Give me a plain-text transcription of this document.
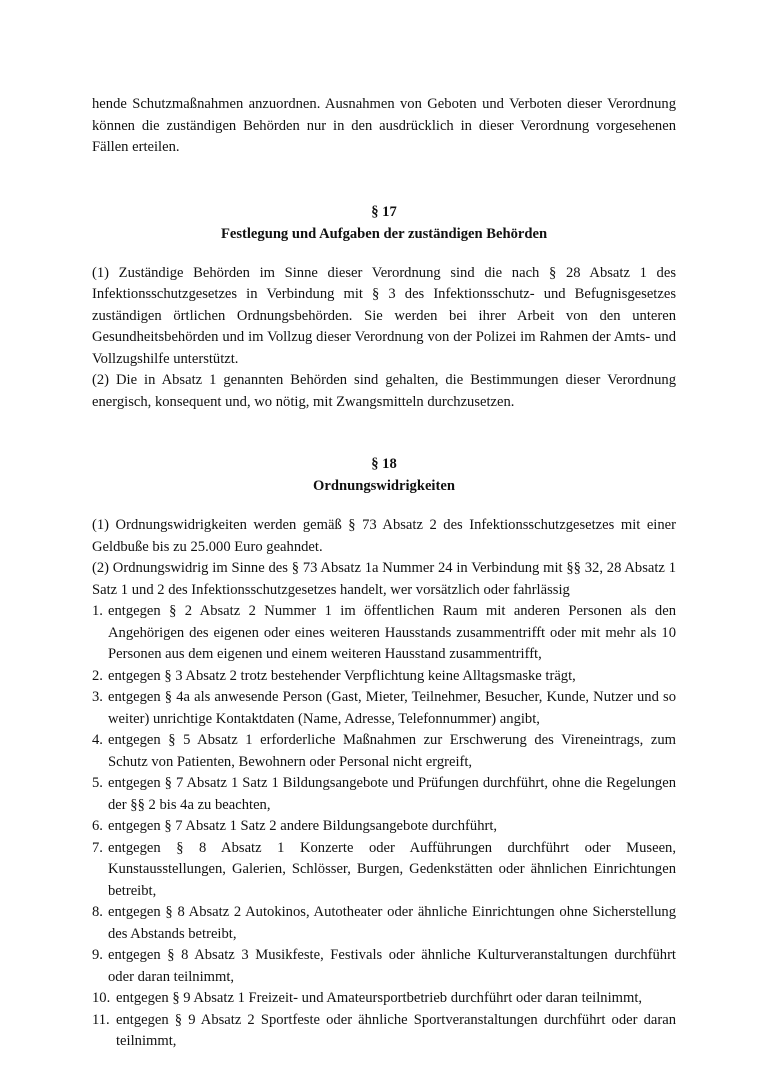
hende Schutzmaßnahmen anzuordnen. Ausnahmen von Geboten und Verboten dieser Verordnung können die zuständigen Behörden nur in den ausdrücklich in dieser Verordnung vorgesehenen Fällen erteilen.

§ 17
Festlegung und Aufgaben der zuständigen Behörden

(1) Zuständige Behörden im Sinne dieser Verordnung sind die nach § 28 Absatz 1 des Infektionsschutzgesetzes in Verbindung mit § 3 des Infektionsschutz- und Befugnisgesetzes zuständigen örtlichen Ordnungsbehörden. Sie werden bei ihrer Arbeit von den unteren Gesundheitsbehörden und im Vollzug dieser Verordnung von der Polizei im Rahmen der Amts- und Vollzugshilfe unterstützt.

(2) Die in Absatz 1 genannten Behörden sind gehalten, die Bestimmungen dieser Verordnung energisch, konsequent und, wo nötig, mit Zwangsmitteln durchzusetzen.

§ 18
Ordnungswidrigkeiten

(1) Ordnungswidrigkeiten werden gemäß § 73 Absatz 2 des Infektionsschutzgesetzes mit einer Geldbuße bis zu 25.000 Euro geahndet.

(2) Ordnungswidrig im Sinne des § 73 Absatz 1a Nummer 24 in Verbindung mit §§ 32, 28 Absatz 1 Satz 1 und 2 des Infektionsschutzgesetzes handelt, wer vorsätzlich oder fahrlässig

1. entgegen § 2 Absatz 2 Nummer 1 im öffentlichen Raum mit anderen Personen als den Angehörigen des eigenen oder eines weiteren Hausstands zusammentrifft oder mit mehr als 10 Personen aus dem eigenen und einem weiteren Hausstand zusammentrifft,
2. entgegen § 3 Absatz 2 trotz bestehender Verpflichtung keine Alltagsmaske trägt,
3. entgegen § 4a als anwesende Person (Gast, Mieter, Teilnehmer, Besucher, Kunde, Nutzer und so weiter) unrichtige Kontaktdaten (Name, Adresse, Telefonnummer) angibt,
4. entgegen § 5 Absatz 1 erforderliche Maßnahmen zur Erschwerung des Vireneintrags, zum Schutz von Patienten, Bewohnern oder Personal nicht ergreift,
5. entgegen § 7 Absatz 1 Satz 1 Bildungsangebote und Prüfungen durchführt, ohne die Regelungen der §§ 2 bis 4a zu beachten,
6. entgegen § 7 Absatz 1 Satz 2 andere Bildungsangebote durchführt,
7. entgegen § 8 Absatz 1 Konzerte oder Aufführungen durchführt oder Museen, Kunstausstellungen, Galerien, Schlösser, Burgen, Gedenkstätten oder ähnlichen Einrichtungen betreibt,
8. entgegen § 8 Absatz 2 Autokinos, Autotheater oder ähnliche Einrichtungen ohne Sicherstellung des Abstands betreibt,
9. entgegen § 8 Absatz 3 Musikfeste, Festivals oder ähnliche Kulturveranstaltungen durchführt oder daran teilnimmt,
10. entgegen § 9 Absatz 1 Freizeit- und Amateursportbetrieb durchführt oder daran teilnimmt,
11. entgegen § 9 Absatz 2 Sportfeste oder ähnliche Sportveranstaltungen durchführt oder daran teilnimmt,
